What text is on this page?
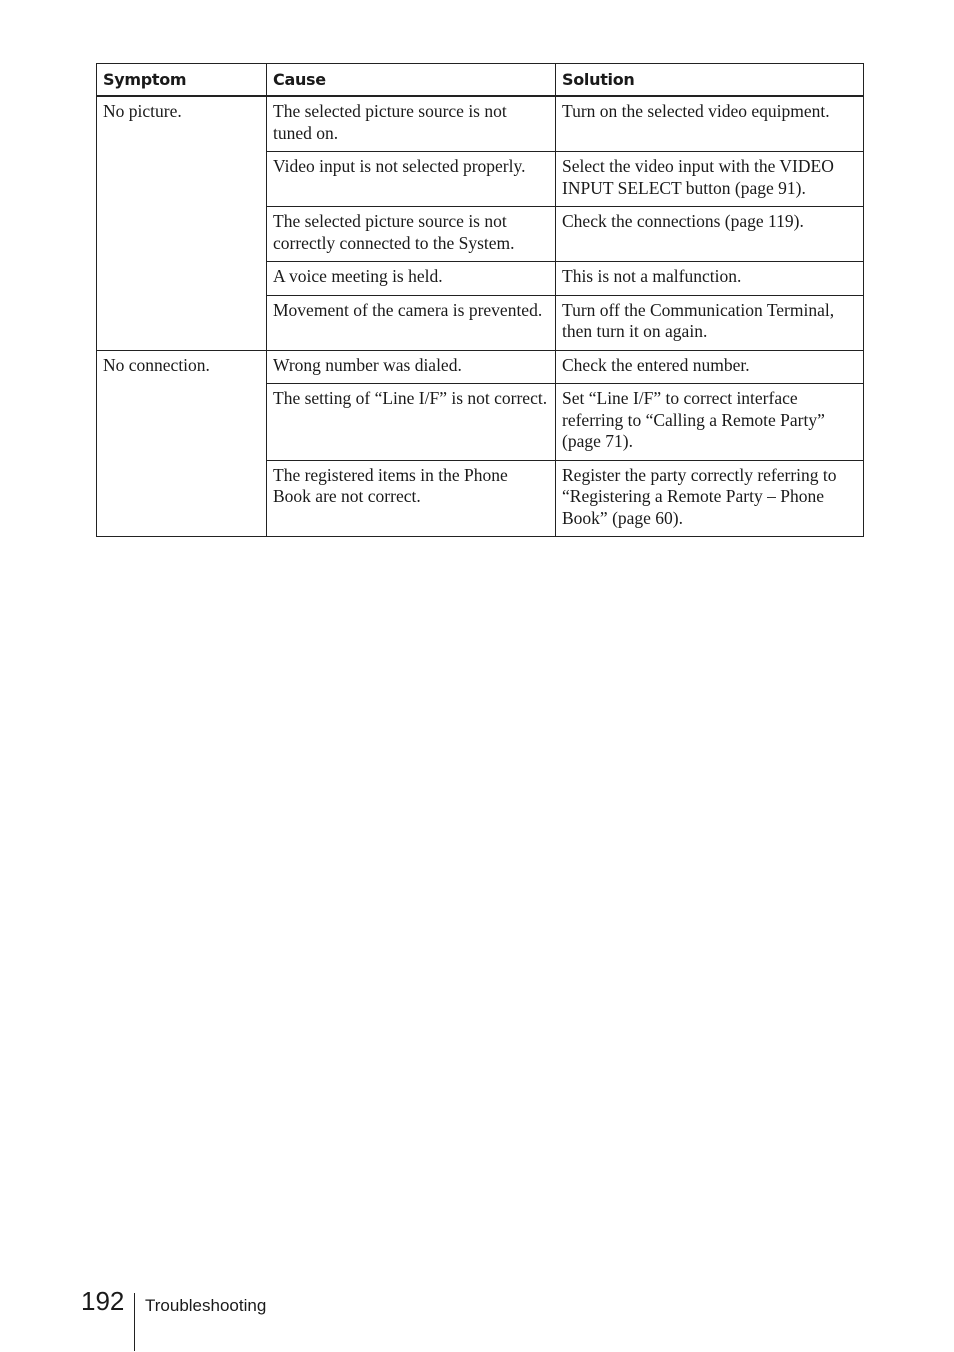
Symptom	Cause	Solution
No picture.	The selected picture source is not tuned on.	Turn on the selected video equipment.
	Video input is not selected properly.	Select the video input with the VIDEO INPUT SELECT button (page 91).
	The selected picture source is not correctly connected to the System.	Check the connections (page 119).
	A voice meeting is held.	This is not a malfunction.
	Movement of the camera is prevented.	Turn off the Communication Terminal, then turn it on again.
No connection.	Wrong number was dialed.	Check the entered number.
	The setting of “Line I/F” is not correct.	Set “Line I/F” to correct interface referring to “Calling a Remote Party” (page 71).
	The registered items in the Phone Book are not correct.	Register the party correctly referring to “Registering a Remote Party – Phone Book” (page 60).
192 Troubleshooting
